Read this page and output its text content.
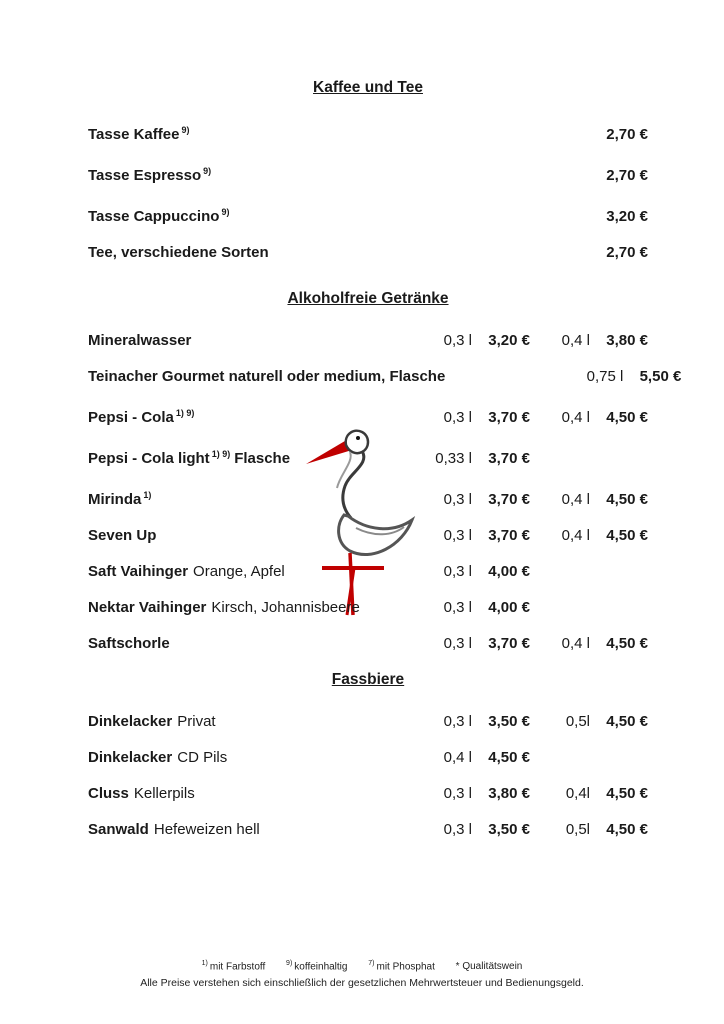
Kaffee und Tee
Tasse Kaffee $^{9)}$	2,70 €
Tasse Espresso $^{9)}$	2,70 €
Tasse Cappuccino $^{9)}$	3,20 €
Tee, verschiedene Sorten	2,70 €
Alkoholfreie Getränke
Mineralwasser	0,3 l	3,20 €	0,4 l	3,80 €
Teinacher Gourmet naturell oder medium, Flasche	0,75 l	5,50 €
Pepsi - Cola $^{1) 9)}$	0,3 l	3,70 €	0,4 l	4,50 €
Pepsi - Cola light $^{1) 9)}$ Flasche	0,33 l	3,70 €
Mirinda $^{1)}$	0,3 l	3,70 €	0,4 l	4,50 €
Seven Up	0,3 l	3,70 €	0,4 l	4,50 €
Saft Vaihinger Orange, Apfel	0,3 l	4,00 €
Nektar Vaihinger Kirsch, Johannisbeere	0,3 l	4,00 €
Saftschorle	0,3 l	3,70 €	0,4 l	4,50 €
Fassbiere
Dinkelacker Privat	0,3 l	3,50 €	0,5l	4,50 €
Dinkelacker CD Pils	0,4 l	4,50 €
Cluss Kellerpils	0,3 l	3,80 €	0,4l	4,50 €
Sanwald Hefeweizen hell	0,3 l	3,50 €	0,5l	4,50 €
$^{1)}$ mit Farbstoff	$^{9)}$ koffeinhaltig	$^{7)}$ mit Phosphat * Qualitätswein
Alle Preise verstehen sich einschließlich der gesetzlichen Mehrwertsteuer und Bedienungsgeld.
